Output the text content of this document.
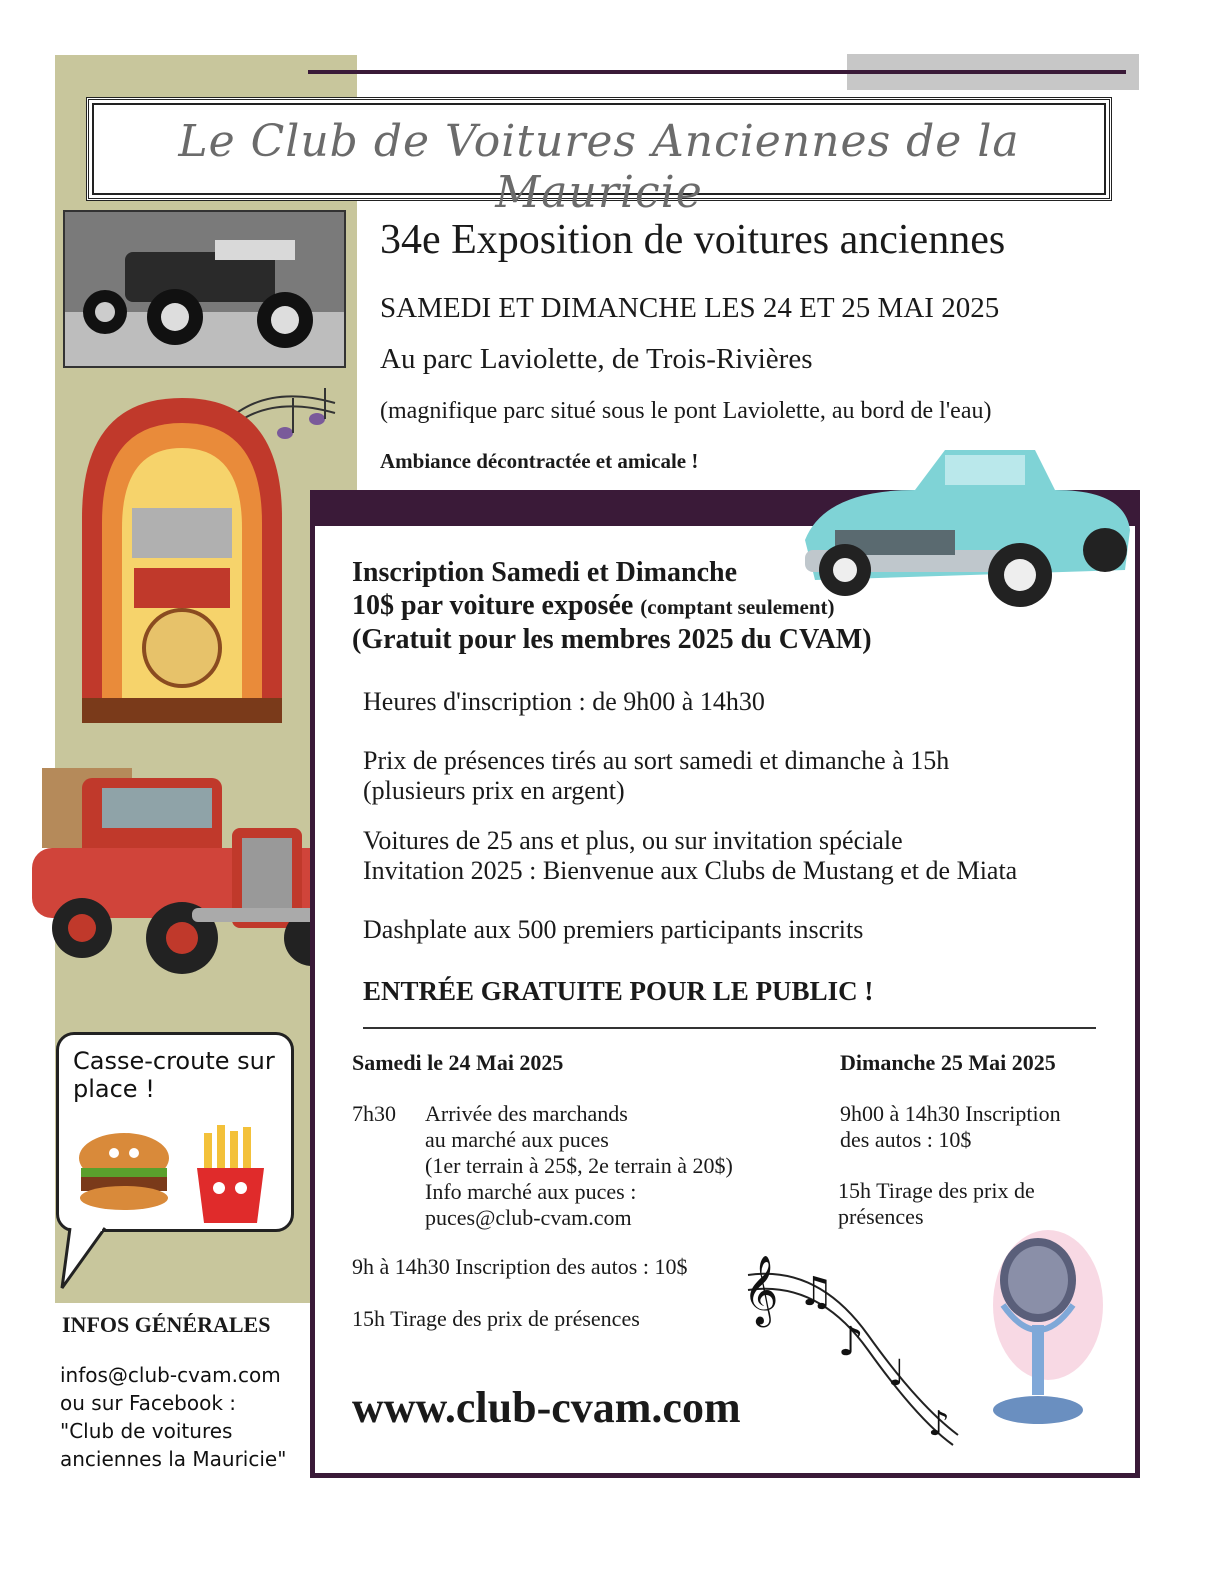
Le Club de Voitures Anciennes de la Mauricie
34e Exposition de voitures anciennes
SAMEDI ET DIMANCHE LES 24 ET 25 MAI 2025
Au parc Laviolette, de Trois-Rivières
(magnifique parc situé sous le pont Laviolette, au bord de l'eau)
Ambiance décontractée et amicale !
Inscription Samedi et Dimanche
10$ par voiture exposée (comptant seulement)
(Gratuit pour les membres 2025 du CVAM)
Heures d'inscription : de 9h00 à 14h30
Prix de présences tirés au sort samedi et dimanche à 15h
(plusieurs prix en argent)
Voitures de 25 ans et plus, ou sur invitation spéciale
Invitation 2025 : Bienvenue aux Clubs de Mustang et de Miata
Dashplate aux 500 premiers participants inscrits
ENTRÉE GRATUITE POUR LE PUBLIC !
Samedi le 24 Mai 2025
7h30 Arrivée des marchands
au marché aux puces
(1er terrain à 25$, 2e terrain à 20$)
Info marché aux puces :
puces@club-cvam.com
9h à 14h30 Inscription des autos : 10$
15h Tirage des prix de présences
Dimanche 25 Mai 2025
9h00 à 14h30 Inscription
des autos : 10$
15h Tirage des prix de
présences
𝄞 ♫
♪
♩
♪
www.club-cvam.com
Casse-croute sur
place !
INFOS GÉNÉRALES
infos@club-cvam.com
ou sur Facebook :
"Club de voitures
anciennes la Mauricie"
